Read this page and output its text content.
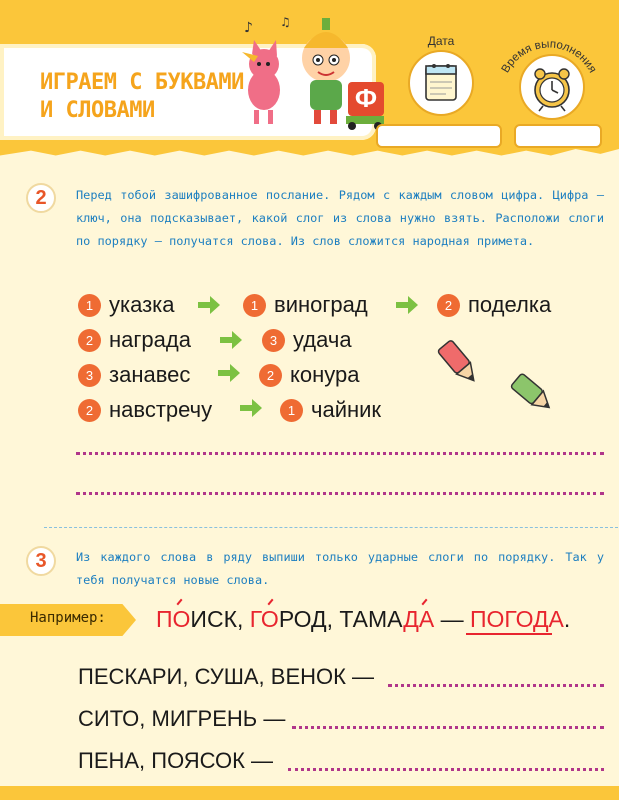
ИГРАЕМ С БУКВАМИ
И СЛОВАМИ	Ф
♪ ♫
Дата
Время выполнения
2	Перед тобой зашифрованное послание. Рядом с каждым словом цифра. Цифра — ключ, она подсказывает, какой слог из слова нужно взять. Расположи слоги по порядку — получатся слова. Из слов сложится народная примета.
1 указка	1 виноград	2 поделка
2 награда	3 удача
3 занавес	2 конура
2 навстречу	1 чайник
3	Из каждого слова в ряду выпиши только ударные слоги по порядку. Так у тебя получатся новые слова.
Например: ПОИСК, ГОРОД, ТАМАДА — ПОГОДА.
ПЕСКАРИ, СУША, ВЕНОК —
СИТО, МИГРЕНЬ —
ПЕНА, ПОЯСОК —
